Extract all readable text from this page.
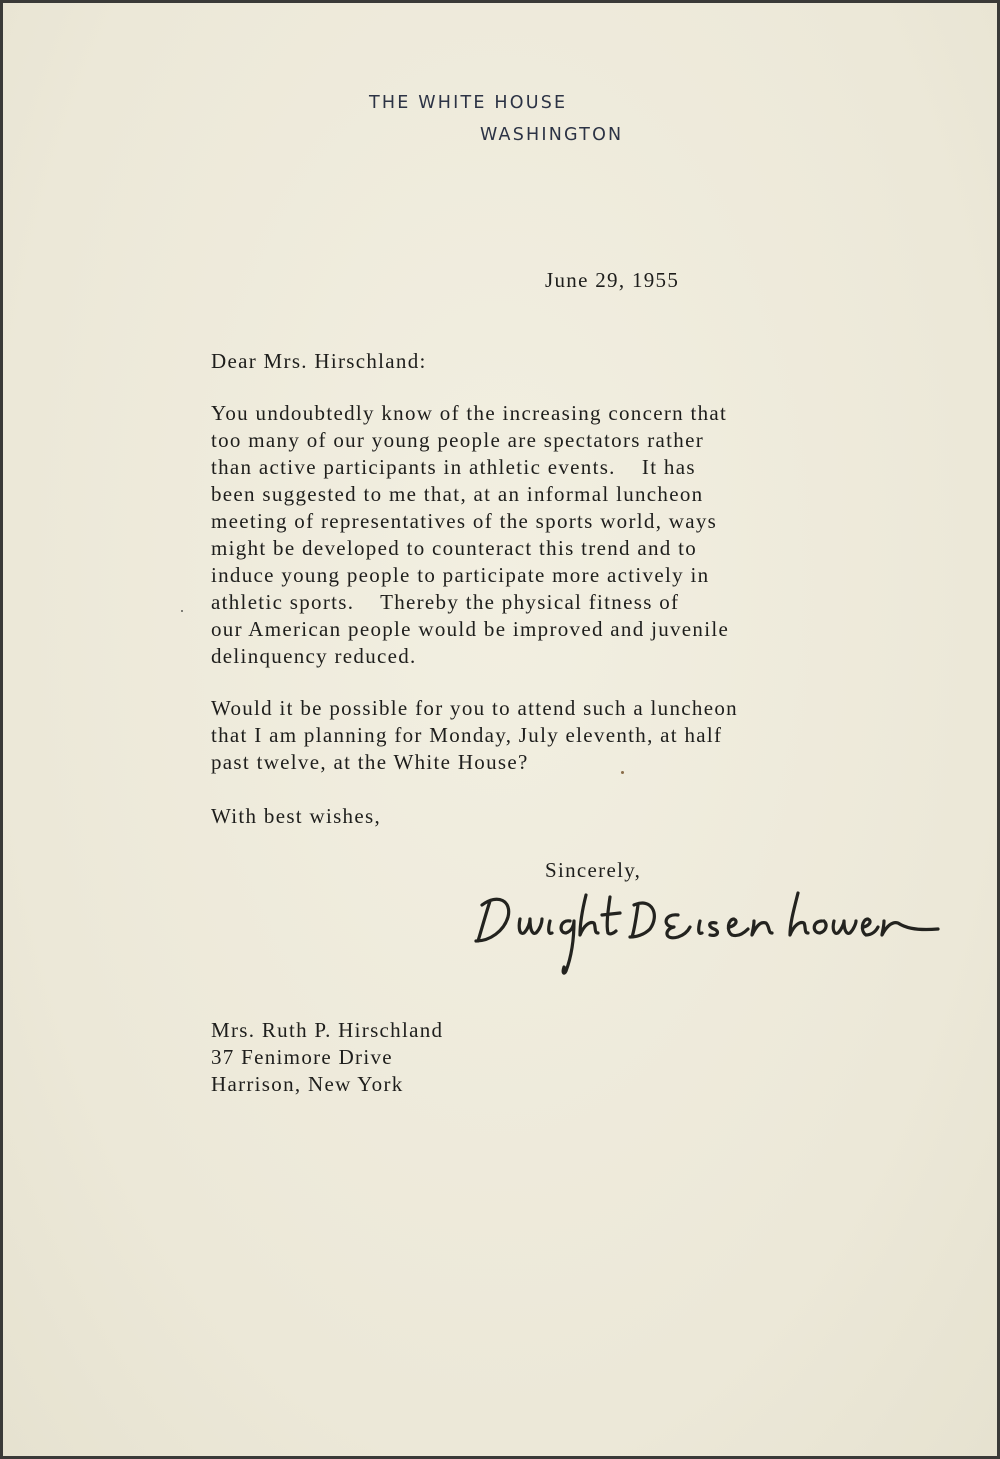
THE WHITE HOUSE
WASHINGTON
June 29, 1955
Dear Mrs. Hirschland:
You undoubtedly know of the increasing concern that
too many of our young people are spectators rather
than active participants in athletic events.    It has
been suggested to me that, at an informal luncheon
meeting of representatives of the sports world, ways
might be developed to counteract this trend and to
induce young people to participate more actively in
athletic sports.    Thereby the physical fitness of
our American people would be improved and juvenile
delinquency reduced.
Would it be possible for you to attend such a luncheon
that I am planning for Monday, July eleventh, at half
past twelve, at the White House?
With best wishes,
Sincerely,
Mrs. Ruth P. Hirschland
37 Fenimore Drive
Harrison, New York
